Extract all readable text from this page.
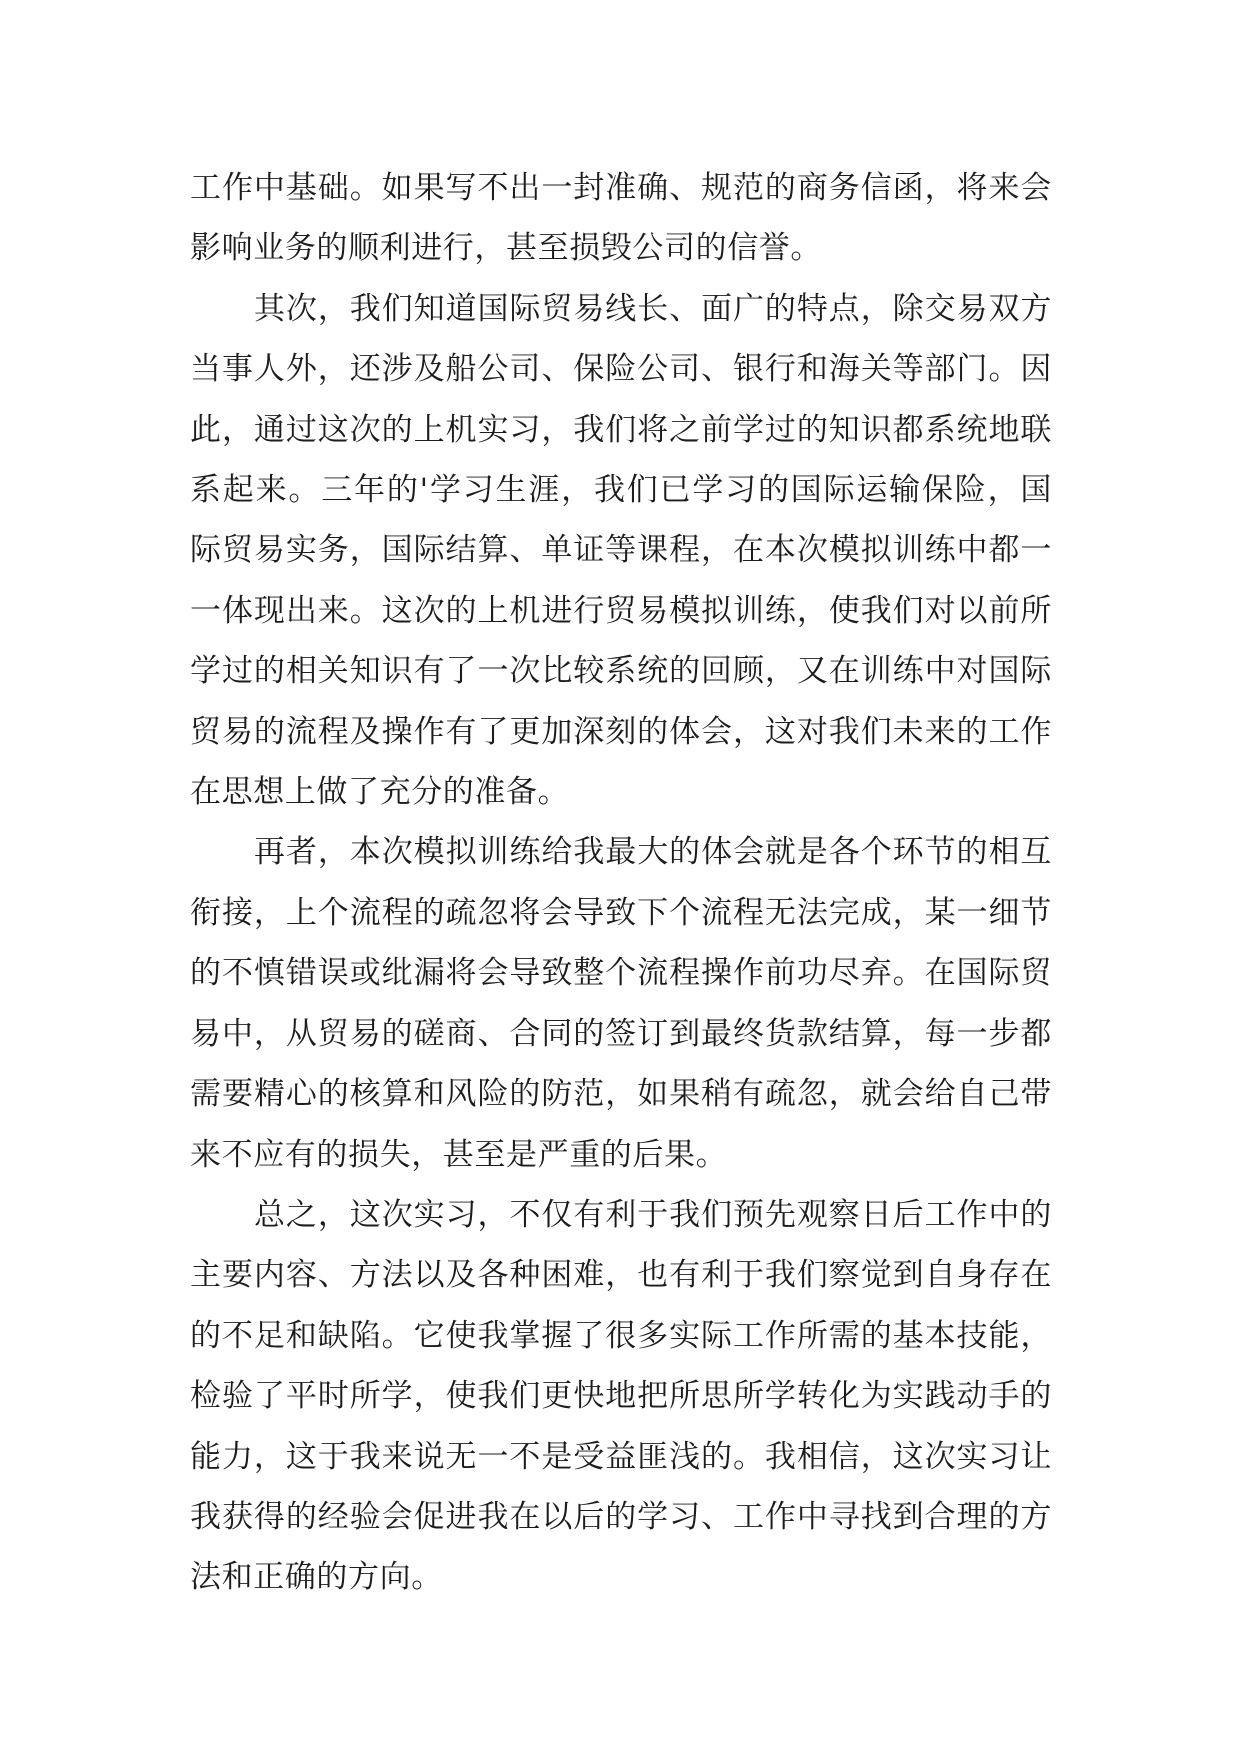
工作中基础。如果写不出一封准确、规范的商务信函，将来会影响业务的顺利进行，甚至损毁公司的信誉。

其次，我们知道国际贸易线长、面广的特点，除交易双方当事人外，还涉及船公司、保险公司、银行和海关等部门。因此，通过这次的上机实习，我们将之前学过的知识都系统地联系起来。三年的'学习生涯，我们已学习的国际运输保险，国际贸易实务，国际结算、单证等课程，在本次模拟训练中都一一体现出来。这次的上机进行贸易模拟训练，使我们对以前所学过的相关知识有了一次比较系统的回顾，又在训练中对国际贸易的流程及操作有了更加深刻的体会，这对我们未来的工作在思想上做了充分的准备。

再者，本次模拟训练给我最大的体会就是各个环节的相互衔接，上个流程的疏忽将会导致下个流程无法完成，某一细节的不慎错误或纰漏将会导致整个流程操作前功尽弃。在国际贸易中，从贸易的磋商、合同的签订到最终货款结算，每一步都需要精心的核算和风险的防范，如果稍有疏忽，就会给自己带来不应有的损失，甚至是严重的后果。

总之，这次实习，不仅有利于我们预先观察日后工作中的主要内容、方法以及各种困难，也有利于我们察觉到自身存在的不足和缺陷。它使我掌握了很多实际工作所需的基本技能，检验了平时所学，使我们更快地把所思所学转化为实践动手的能力，这于我来说无一不是受益匪浅的。我相信，这次实习让我获得的经验会促进我在以后的学习、工作中寻找到合理的方法和正确的方向。
